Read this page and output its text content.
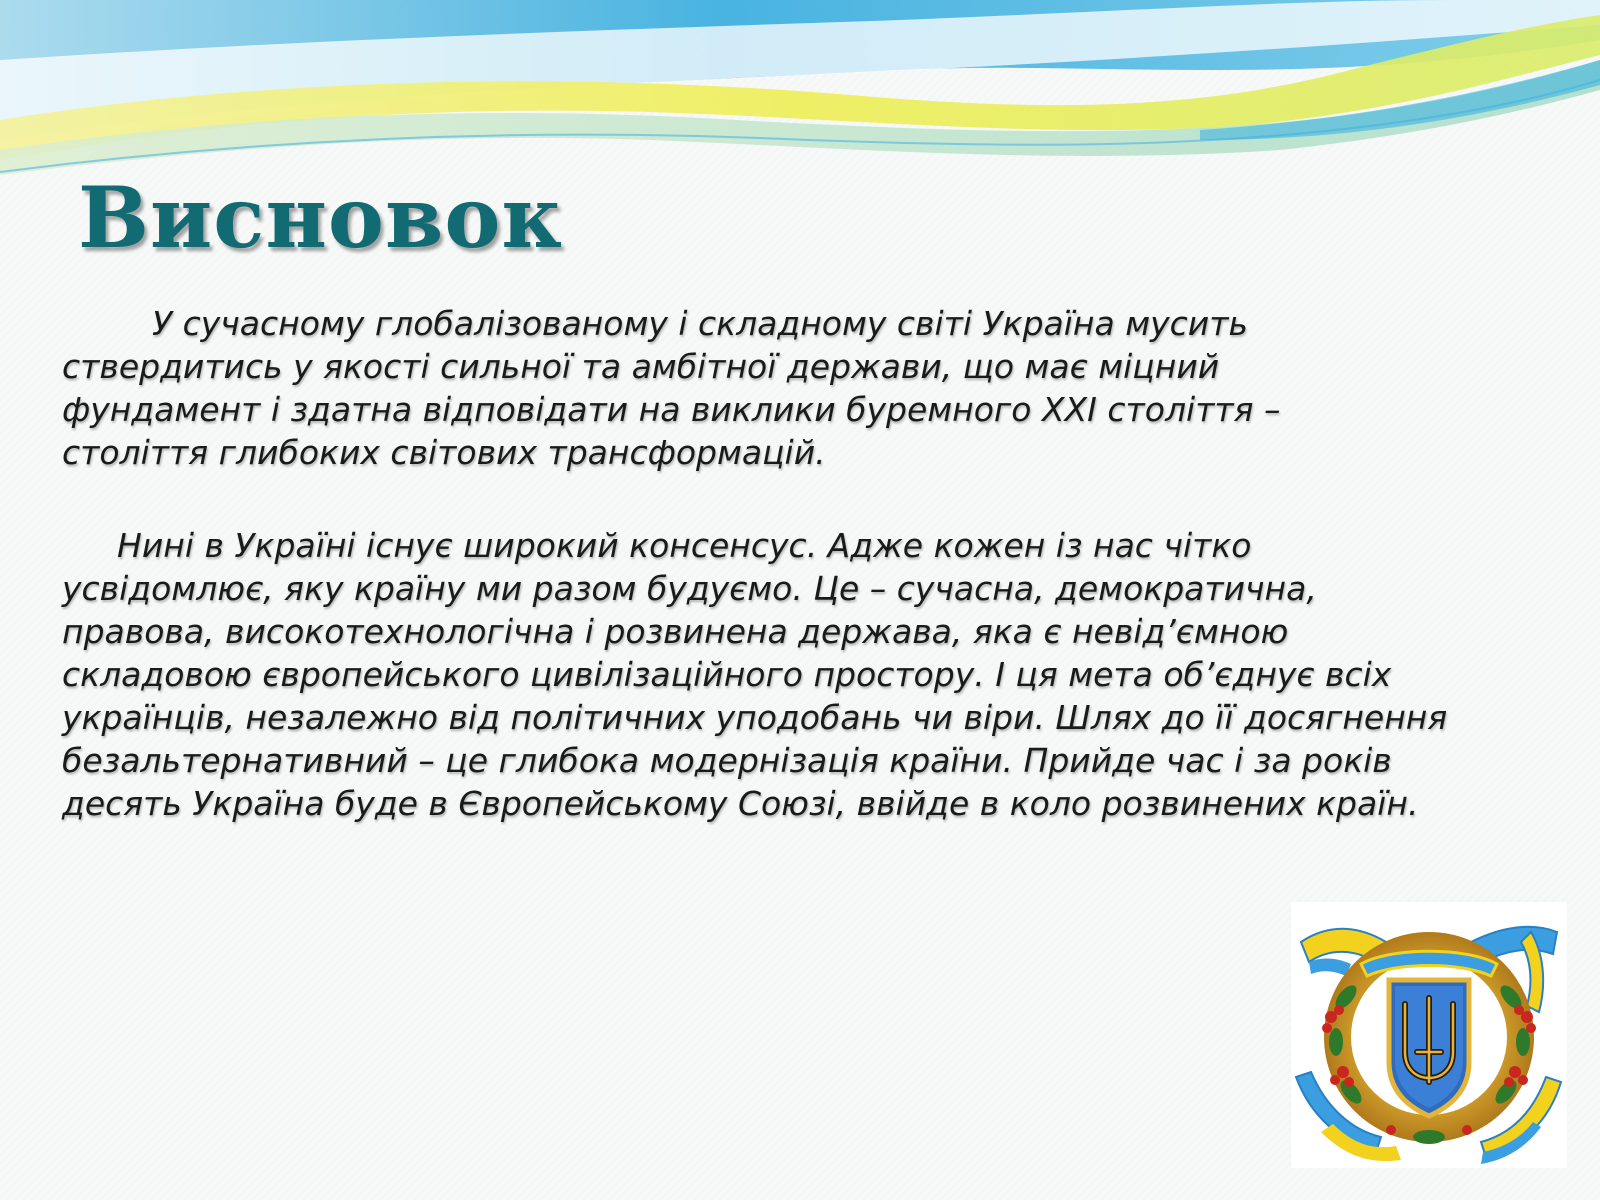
Висновок

У сучасному глобалізованому і складному світі Україна мусить
ствердитись у якості сильної та амбітної держави, що має міцний
фундамент і здатна відповідати на виклики буремного ХХІ століття –
століття глибоких світових трансформацій.

Нині в Україні існує широкий консенсус. Адже кожен із нас чітко
усвідомлює, яку країну ми разом будуємо. Це – сучасна, демократична,
правова, високотехнологічна і розвинена держава, яка є невід’ємною
складовою європейського цивілізаційного простору. І ця мета об’єднує всіх
українців, незалежно від політичних уподобань чи віри. Шлях до її досягнення
безальтернативний – це глибока модернізація країни. Прийде час і за років
десять Україна буде в Європейському Союзі, ввійде в коло розвинених країн.
